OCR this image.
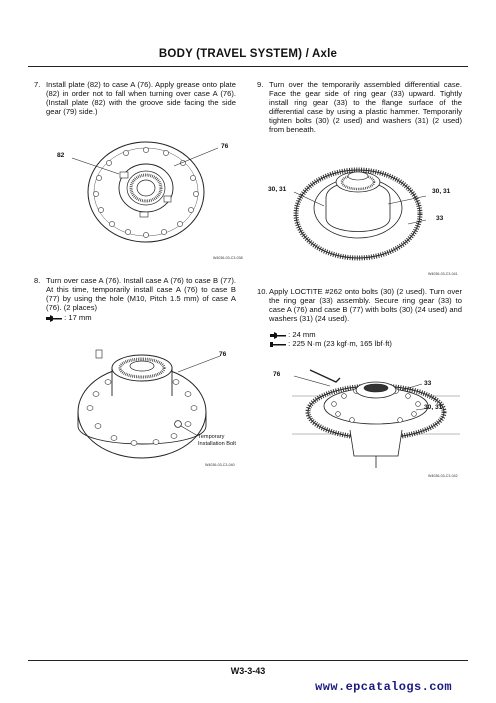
BODY (TRAVEL SYSTEM) / Axle
7. Install plate (82) to case A (76). Apply grease onto plate (82) in order not to fall when turning over case A (76). (Install plate (82) with the groove side facing the side gear (79) side.)
9. Turn over the temporarily assembled differential case. Face the gear side of ring gear (33) upward. Tightly install ring gear (33) to the flange surface of the differential case by using a plastic hammer. Temporarily tighten bolts (30) (2 used) and washers (31) (2 used) from beneath.
82
76
W4036-03-C3-038
30, 31	30, 31
33
W4036-03-C3-041
8. Turn over case A (76). Install case A (76) to case B (77). At this time, temporarily install case A (76) to case B (77) by using the hole (M10, Pitch 1.5 mm) of case A (76). (2 places)
: 17 mm
10. Apply LOCTITE #262 onto bolts (30) (2 used). Turn over the ring gear (33) assembly. Secure ring gear (33) to case A (76) and case B (77) with bolts (30) (24 used) and washers (31) (24 used).
: 24 mm
: 225 N·m (23 kgf·m, 165 lbf·ft)
76
Temporary
Installation Bolt
W4036-03-C3-040
76
33
30, 31
W4036-03-C3-042
W3-3-43
www.epcatalogs.com
